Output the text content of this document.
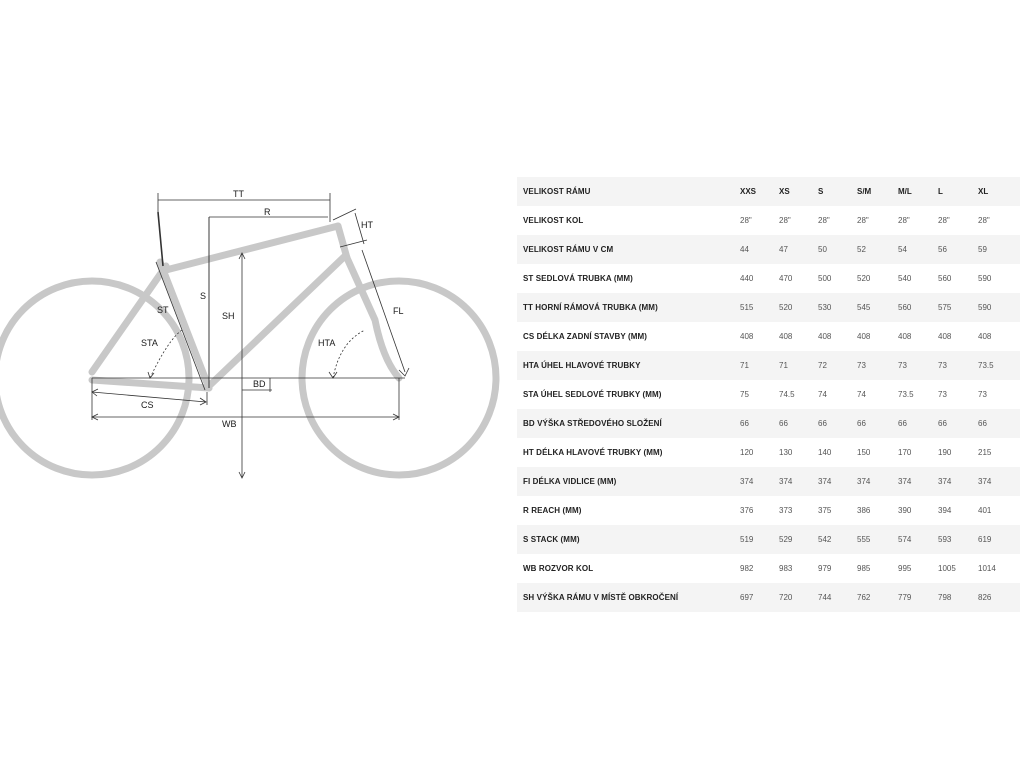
TT
R
HT
S
ST
SH	FL
STA	HTA
BD
CS
WB
VELIKOST RÁMU	XXS	XS	S	S/M	M/L	L	XL
VELIKOST KOL	28"	28"	28"	28"	28"	28"	28"
VELIKOST RÁMU V CM	44	47	50	52	54	56	59
ST SEDLOVÁ TRUBKA (MM)	440	470	500	520	540	560	590
TT HORNÍ RÁMOVÁ TRUBKA (MM)	515	520	530	545	560	575	590
CS DÉLKA ZADNÍ STAVBY (MM)	408	408	408	408	408	408	408
HTA ÚHEL HLAVOVÉ TRUBKY	71	71	72	73	73	73	73.5
STA ÚHEL SEDLOVÉ TRUBKY (MM)	75	74.5	74	74	73.5	73	73
BD VÝŠKA STŘEDOVÉHO SLOŽENÍ	66	66	66	66	66	66	66
HT DÉLKA HLAVOVÉ TRUBKY (MM)	120	130	140	150	170	190	215
FI DÉLKA VIDLICE (MM)	374	374	374	374	374	374	374
R REACH (MM)	376	373	375	386	390	394	401
S STACK (MM)	519	529	542	555	574	593	619
WB ROZVOR KOL	982	983	979	985	995	1005	1014
SH VÝŠKA RÁMU V MÍSTĚ OBKROČENÍ	697	720	744	762	779	798	826
